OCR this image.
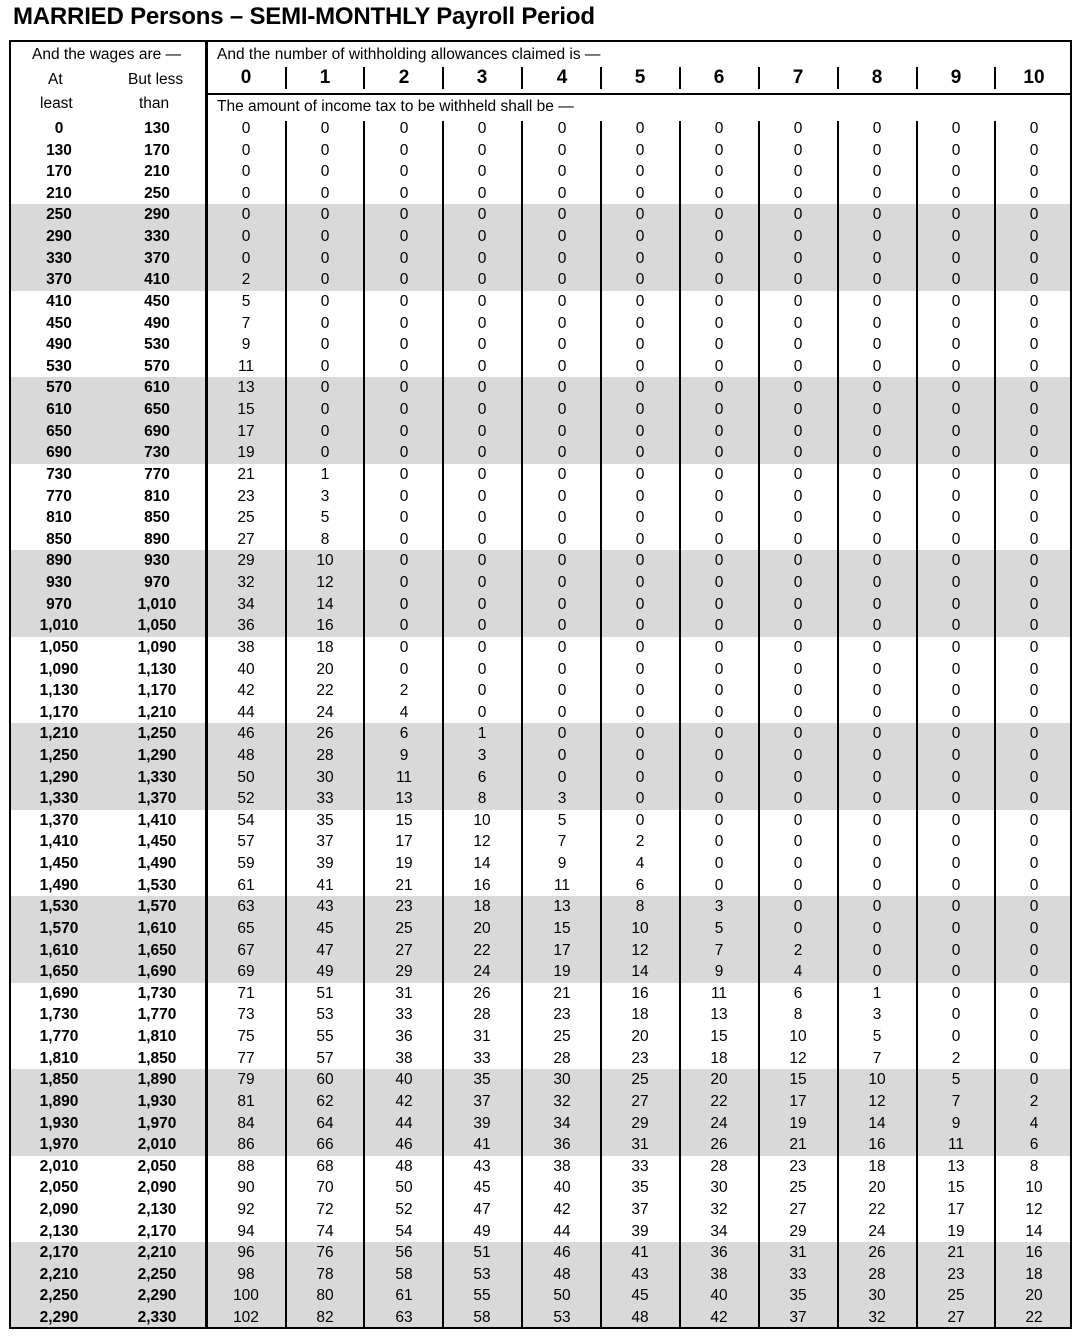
MARRIED Persons – SEMI-MONTHLY Payroll Period
And the wages are —
At
least
But less
than
And the number of withholding allowances claimed is —
The amount of income tax to be withheld shall be —
0	1	2	3	4	5	6	7	8	9	10
0	130	0	0	0	0	0	0	0	0	0	0	0
130	170	0	0	0	0	0	0	0	0	0	0	0
170	210	0	0	0	0	0	0	0	0	0	0	0
210	250	0	0	0	0	0	0	0	0	0	0	0
250	290	0	0	0	0	0	0	0	0	0	0	0
290	330	0	0	0	0	0	0	0	0	0	0	0
330	370	0	0	0	0	0	0	0	0	0	0	0
370	410	2	0	0	0	0	0	0	0	0	0	0
410	450	5	0	0	0	0	0	0	0	0	0	0
450	490	7	0	0	0	0	0	0	0	0	0	0
490	530	9	0	0	0	0	0	0	0	0	0	0
530	570	11	0	0	0	0	0	0	0	0	0	0
570	610	13	0	0	0	0	0	0	0	0	0	0
610	650	15	0	0	0	0	0	0	0	0	0	0
650	690	17	0	0	0	0	0	0	0	0	0	0
690	730	19	0	0	0	0	0	0	0	0	0	0
730	770	21	1	0	0	0	0	0	0	0	0	0
770	810	23	3	0	0	0	0	0	0	0	0	0
810	850	25	5	0	0	0	0	0	0	0	0	0
850	890	27	8	0	0	0	0	0	0	0	0	0
890	930	29	10	0	0	0	0	0	0	0	0	0
930	970	32	12	0	0	0	0	0	0	0	0	0
970	1,010	34	14	0	0	0	0	0	0	0	0	0
1,010	1,050	36	16	0	0	0	0	0	0	0	0	0
1,050	1,090	38	18	0	0	0	0	0	0	0	0	0
1,090	1,130	40	20	0	0	0	0	0	0	0	0	0
1,130	1,170	42	22	2	0	0	0	0	0	0	0	0
1,170	1,210	44	24	4	0	0	0	0	0	0	0	0
1,210	1,250	46	26	6	1	0	0	0	0	0	0	0
1,250	1,290	48	28	9	3	0	0	0	0	0	0	0
1,290	1,330	50	30	11	6	0	0	0	0	0	0	0
1,330	1,370	52	33	13	8	3	0	0	0	0	0	0
1,370	1,410	54	35	15	10	5	0	0	0	0	0	0
1,410	1,450	57	37	17	12	7	2	0	0	0	0	0
1,450	1,490	59	39	19	14	9	4	0	0	0	0	0
1,490	1,530	61	41	21	16	11	6	0	0	0	0	0
1,530	1,570	63	43	23	18	13	8	3	0	0	0	0
1,570	1,610	65	45	25	20	15	10	5	0	0	0	0
1,610	1,650	67	47	27	22	17	12	7	2	0	0	0
1,650	1,690	69	49	29	24	19	14	9	4	0	0	0
1,690	1,730	71	51	31	26	21	16	11	6	1	0	0
1,730	1,770	73	53	33	28	23	18	13	8	3	0	0
1,770	1,810	75	55	36	31	25	20	15	10	5	0	0
1,810	1,850	77	57	38	33	28	23	18	12	7	2	0
1,850	1,890	79	60	40	35	30	25	20	15	10	5	0
1,890	1,930	81	62	42	37	32	27	22	17	12	7	2
1,930	1,970	84	64	44	39	34	29	24	19	14	9	4
1,970	2,010	86	66	46	41	36	31	26	21	16	11	6
2,010	2,050	88	68	48	43	38	33	28	23	18	13	8
2,050	2,090	90	70	50	45	40	35	30	25	20	15	10
2,090	2,130	92	72	52	47	42	37	32	27	22	17	12
2,130	2,170	94	74	54	49	44	39	34	29	24	19	14
2,170	2,210	96	76	56	51	46	41	36	31	26	21	16
2,210	2,250	98	78	58	53	48	43	38	33	28	23	18
2,250	2,290	100	80	61	55	50	45	40	35	30	25	20
2,290	2,330	102	82	63	58	53	48	42	37	32	27	22
